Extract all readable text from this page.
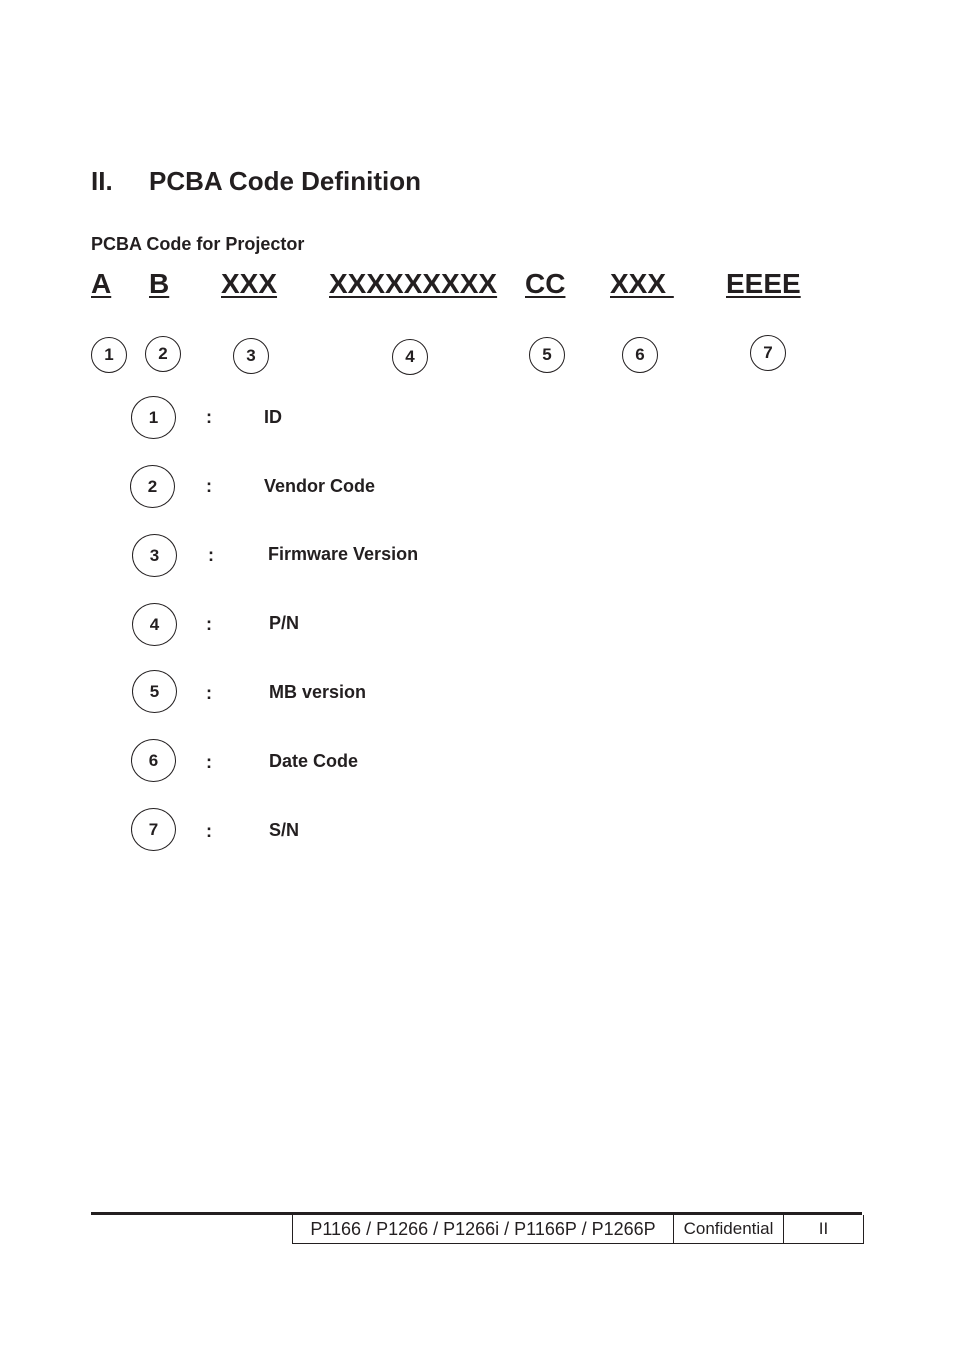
II. PCBA Code Definition
PCBA Code for Projector
A B XXX XXXXXXXXX CC XXX EEEE
1	2	3	4	5	6	7
1	:	ID
2	:	Vendor Code
3	:	Firmware Version
4	:	P/N
5	:	MB version
6	:	Date Code
7	:	S/N
P1166 / P1266 / P1266i / P1166P / P1266P	Confidential	II
